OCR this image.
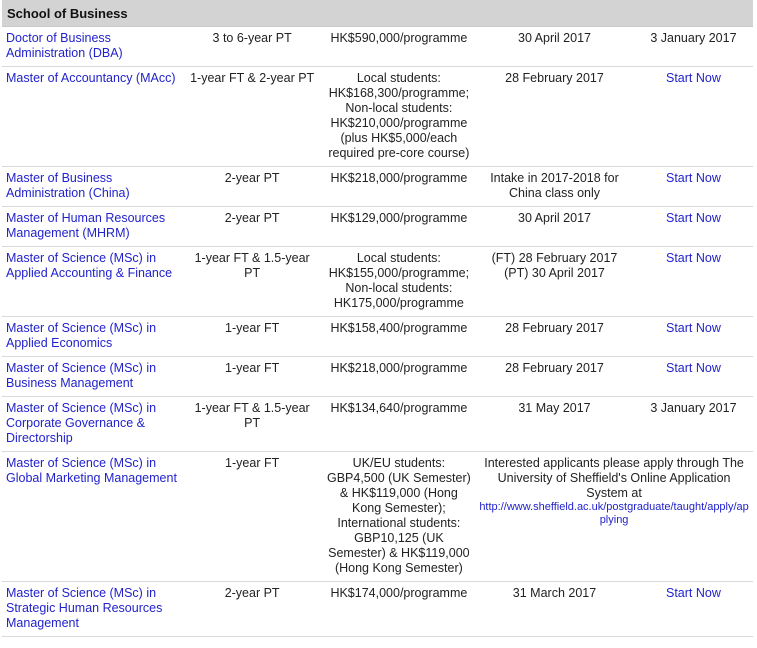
School of Business				
Doctor of Business Administration (DBA)	3 to 6-year PT	HK$590,000/programme	30 April 2017	3 January 2017
Master of Accountancy (MAcc)	1-year FT & 2-year PT	Local students: HK$168,300/programme; Non-local students: HK$210,000/programme (plus HK$5,000/each required pre-core course)	28 February 2017	Start Now
Master of Business Administration (China)	2-year PT	HK$218,000/programme	Intake in 2017-2018 for China class only	Start Now
Master of Human Resources Management (MHRM)	2-year PT	HK$129,000/programme	30 April 2017	Start Now
Master of Science (MSc) in Applied Accounting & Finance	1-year FT & 1.5-year PT	Local students: HK$155,000/programme; Non-local students: HK175,000/programme	(FT) 28 February 2017 (PT) 30 April 2017	Start Now
Master of Science (MSc) in Applied Economics	1-year FT	HK$158,400/programme	28 February 2017	Start Now
Master of Science (MSc) in Business Management	1-year FT	HK$218,000/programme	28 February 2017	Start Now
Master of Science (MSc) in Corporate Governance & Directorship	1-year FT & 1.5-year PT	HK$134,640/programme	31 May 2017	3 January 2017
Master of Science (MSc) in Global Marketing Management	1-year FT	UK/EU students: GBP4,500 (UK Semester) & HK$119,000 (Hong Kong Semester); International students: GBP10,125 (UK Semester) & HK$119,000 (Hong Kong Semester)	Interested applicants please apply through The University of Sheffield's Online Application System at
http://www.sheffield.ac.uk/postgraduate/taught/apply/applying	
Master of Science (MSc) in Strategic Human Resources Management	2-year PT	HK$174,000/programme	31 March 2017	Start Now
